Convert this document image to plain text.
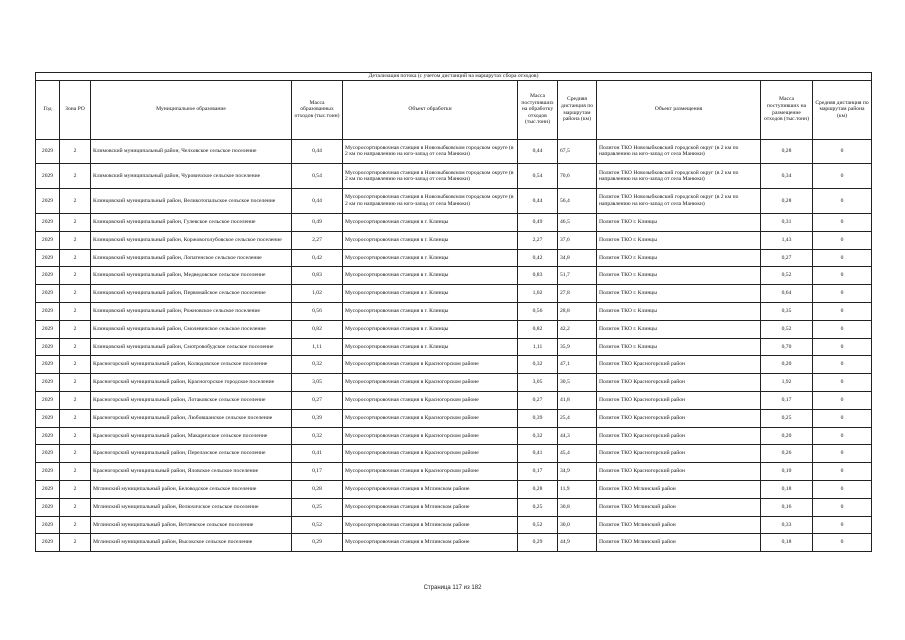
Детализация потока (с учетом дистанций на маршрутах сбора отходов)									
Год	Зона РО	Муниципальное образование	Масса образованных отходов (тыс.тонн)	Объект обработки	Масса поступивших на обработку отходов (тыс.тонн)	Средняя дистанция по маршрутам района (км)	Объект размещения	Масса поступивших на размещение отходов (тыс.тонн)	Средняя дистанция по маршрутам района (км)
2029	2	Климовский муниципальный район, Челховское сельское поселение	0,44	Мусоросортировочная станция в Новозыбковском городском округе (в 2 км по направлению на юго-запад от села Манюки)	0,44	67,5	Полигон ТКО Новозыбковский городской округ (в 2 км по направлению на юго-запад от села Манюки)	0,28	0
2029	2	Климовский муниципальный район, Чуровичское сельское поселение	0,54	Мусоросортировочная станция в Новозыбковском городском округе (в 2 км по направлению на юго-запад от села Манюки)	0,54	70,6	Полигон ТКО Новозыбковский городской округ (в 2 км по направлению на юго-запад от села Манюки)	0,34	0
2029	2	Клинцовский муниципальный район, Великотопальское сельское поселение	0,44	Мусоросортировочная станция в Новозыбковском городском округе (в 2 км по направлению на юго-запад от села Манюки)	0,44	56,4	Полигон ТКО Новозыбковский городской округ (в 2 км по направлению на юго-запад от села Манюки)	0,28	0
2029	2	Клинцовский муниципальный район, Гулевское сельское поселение	0,49	Мусоросортировочная станция в г. Клинцы	0,49	46,5	Полигон ТКО г. Клинцы	0,31	0
2029	2	Клинцовский муниципальный район, Коржовоголубовское сельское поселение	2,27	Мусоросортировочная станция в г. Клинцы	2,27	37,6	Полигон ТКО г. Клинцы	1,43	0
2029	2	Клинцовский муниципальный район, Лопатенское сельское поселение	0,42	Мусоросортировочная станция в г. Клинцы	0,42	34,8	Полигон ТКО г. Клинцы	0,27	0
2029	2	Клинцовский муниципальный район, Медведовское сельское поселение	0,83	Мусоросортировочная станция в г. Клинцы	0,83	51,7	Полигон ТКО г. Клинцы	0,52	0
2029	2	Клинцовский муниципальный район, Первомайское сельское поселение	1,02	Мусоросортировочная станция в г. Клинцы	1,02	27,8	Полигон ТКО г. Клинцы	0,64	0
2029	2	Клинцовский муниципальный район, Рожновское сельское поселение	0,56	Мусоросортировочная станция в г. Клинцы	0,56	28,8	Полигон ТКО г. Клинцы	0,35	0
2029	2	Клинцовский муниципальный район, Смолевичское сельское поселение	0,82	Мусоросортировочная станция в г. Клинцы	0,82	42,2	Полигон ТКО г. Клинцы	0,52	0
2029	2	Клинцовский муниципальный район, Смотровобудское сельское поселение	1,11	Мусоросортировочная станция в г. Клинцы	1,11	35,9	Полигон ТКО г. Клинцы	0,70	0
2029	2	Красногорский муниципальный район, Колюдовское сельское поселение	0,32	Мусоросортировочная станция в Красногорском районе	0,32	47,1	Полигон ТКО Красногорский район	0,20	0
2029	2	Красногорский муниципальный район, Красногорское городское поселение	3,05	Мусоросортировочная станция в Красногорском районе	3,05	30,5	Полигон ТКО Красногорский район	1,92	0
2029	2	Красногорский муниципальный район, Лотаковское сельское поселение	0,27	Мусоросортировочная станция в Красногорском районе	0,27	41,8	Полигон ТКО Красногорский район	0,17	0
2029	2	Красногорский муниципальный район, Любовшанское сельское поселение	0,39	Мусоросортировочная станция в Красногорском районе	0,39	25,4	Полигон ТКО Красногорский район	0,25	0
2029	2	Красногорский муниципальный район, Макаричское сельское поселение	0,32	Мусоросортировочная станция в Красногорском районе	0,32	44,3	Полигон ТКО Красногорский район	0,20	0
2029	2	Красногорский муниципальный район, Перелазское сельское поселение	0,41	Мусоросортировочная станция в Красногорском районе	0,41	45,4	Полигон ТКО Красногорский район	0,26	0
2029	2	Красногорский муниципальный район, Яловское сельское поселение	0,17	Мусоросортировочная станция в Красногорском районе	0,17	34,9	Полигон ТКО Красногорский район	0,10	0
2029	2	Мглинский муниципальный район, Беловодское сельское поселение	0,28	Мусоросортировочная станция в Мглинском районе	0,28	11,9	Полигон ТКО Мглинский район	0,18	0
2029	2	Мглинский муниципальный район, Велюхичское сельское поселение	0,25	Мусоросортировочная станция в Мглинском районе	0,25	30,8	Полигон ТКО Мглинский район	0,16	0
2029	2	Мглинский муниципальный район, Ветлевское сельское поселение	0,52	Мусоросортировочная станция в Мглинском районе	0,52	30,0	Полигон ТКО Мглинский район	0,33	0
2029	2	Мглинский муниципальный район, Высокское сельское поселение	0,29	Мусоросортировочная станция в Мглинском районе	0,29	44,9	Полигон ТКО Мглинский район	0,18	0
Страница 117 из 182
